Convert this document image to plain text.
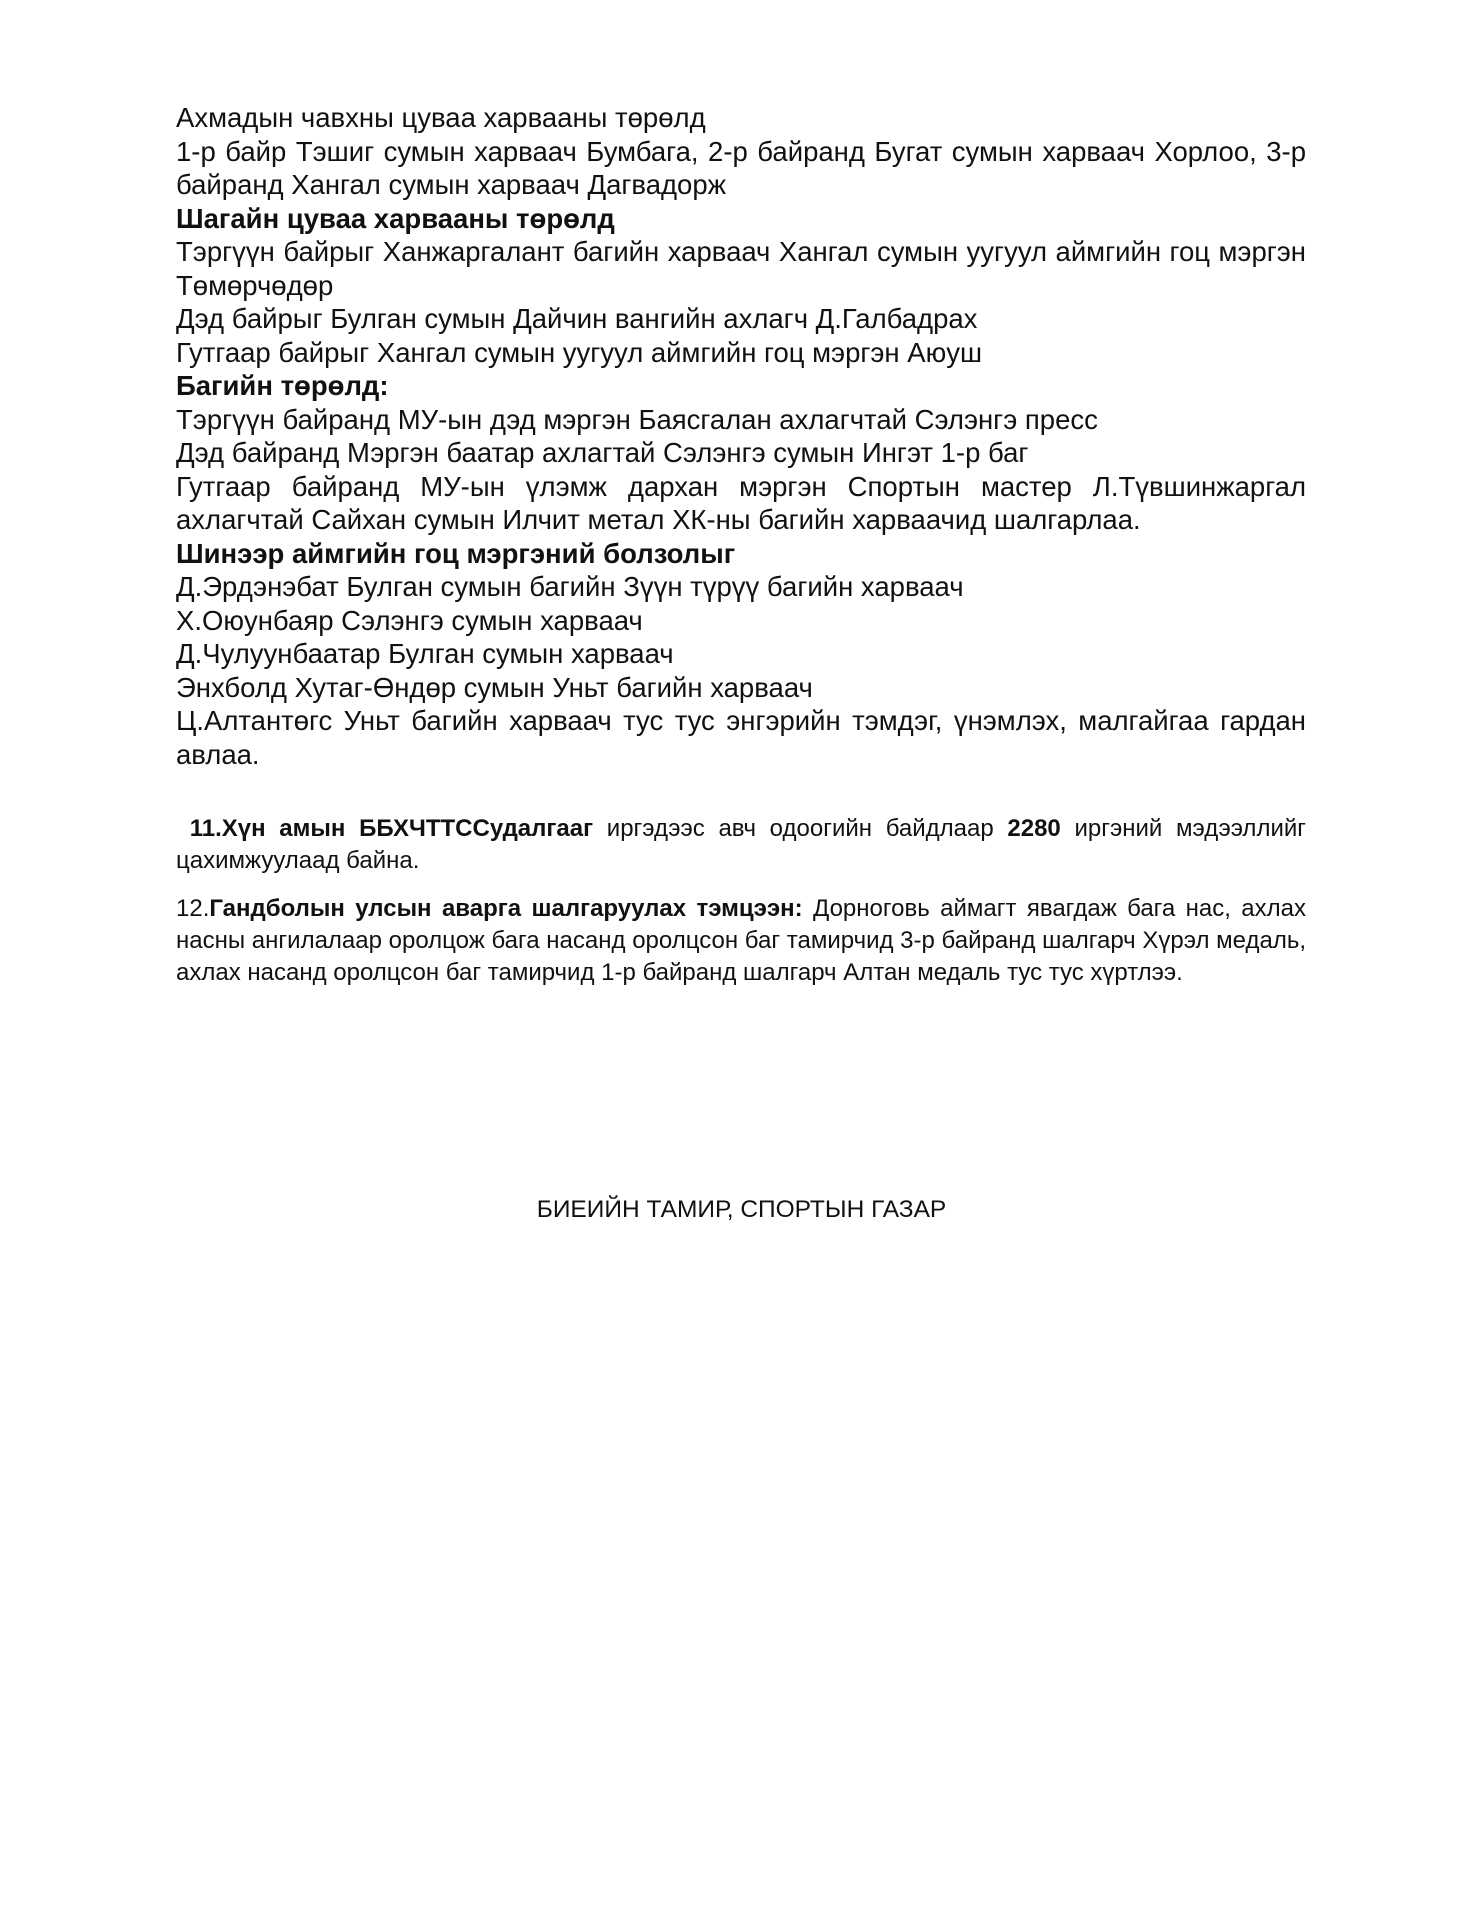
Ахмадын чавхны цуваа харвааны төрөлд

1-р байр Тэшиг сумын харваач Бумбага, 2-р байранд Бугат сумын харваач Хорлоо, 3-р байранд Хангал сумын харваач Дагвадорж

Шагайн цуваа харвааны төрөлд

Тэргүүн байрыг Ханжаргалант багийн харваач Хангал сумын уугуул аймгийн гоц мэргэн Төмөрчөдөр

Дэд байрыг Булган сумын Дайчин вангийн ахлагч Д.Галбадрах

Гутгаар байрыг Хангал сумын уугуул аймгийн гоц мэргэн Аюуш

Багийн төрөлд:

Тэргүүн байранд МУ-ын дэд мэргэн Баясгалан ахлагчтай Сэлэнгэ пресс

Дэд байранд Мэргэн баатар ахлагтай Сэлэнгэ сумын Ингэт 1-р баг

Гутгаар байранд МУ-ын үлэмж дархан мэргэн Спортын мастер Л.Түвшинжаргал ахлагчтай Сайхан сумын Илчит метал ХК-ны багийн харваачид шалгарлаа.

Шинээр аймгийн гоц мэргэний болзолыг

Д.Эрдэнэбат Булган сумын багийн Зүүн түрүү багийн харваач

Х.Оюунбаяр Сэлэнгэ сумын харваач

Д.Чулуунбаатар Булган сумын харваач

Энхболд Хутаг-Өндөр сумын Уньт багийн харваач

Ц.Алтантөгс Уньт багийн харваач тус тус энгэрийн тэмдэг, үнэмлэх, малгайгаа гардан авлаа.

11.Хүн амын ББХЧТТССудалгааг иргэдээс авч одоогийн байдлаар 2280 иргэний мэдээллийг цахимжуулаад байна.

12.Гандболын улсын аварга шалгаруулах тэмцээн: Дорноговь аймагт явагдаж бага нас, ахлах насны ангилалаар оролцож бага насанд оролцсон баг тамирчид 3-р байранд шалгарч Хүрэл медаль, ахлах насанд оролцсон баг тамирчид 1-р байранд шалгарч Алтан медаль тус тус хүртлээ.

БИЕИЙН ТАМИР, СПОРТЫН ГАЗАР
